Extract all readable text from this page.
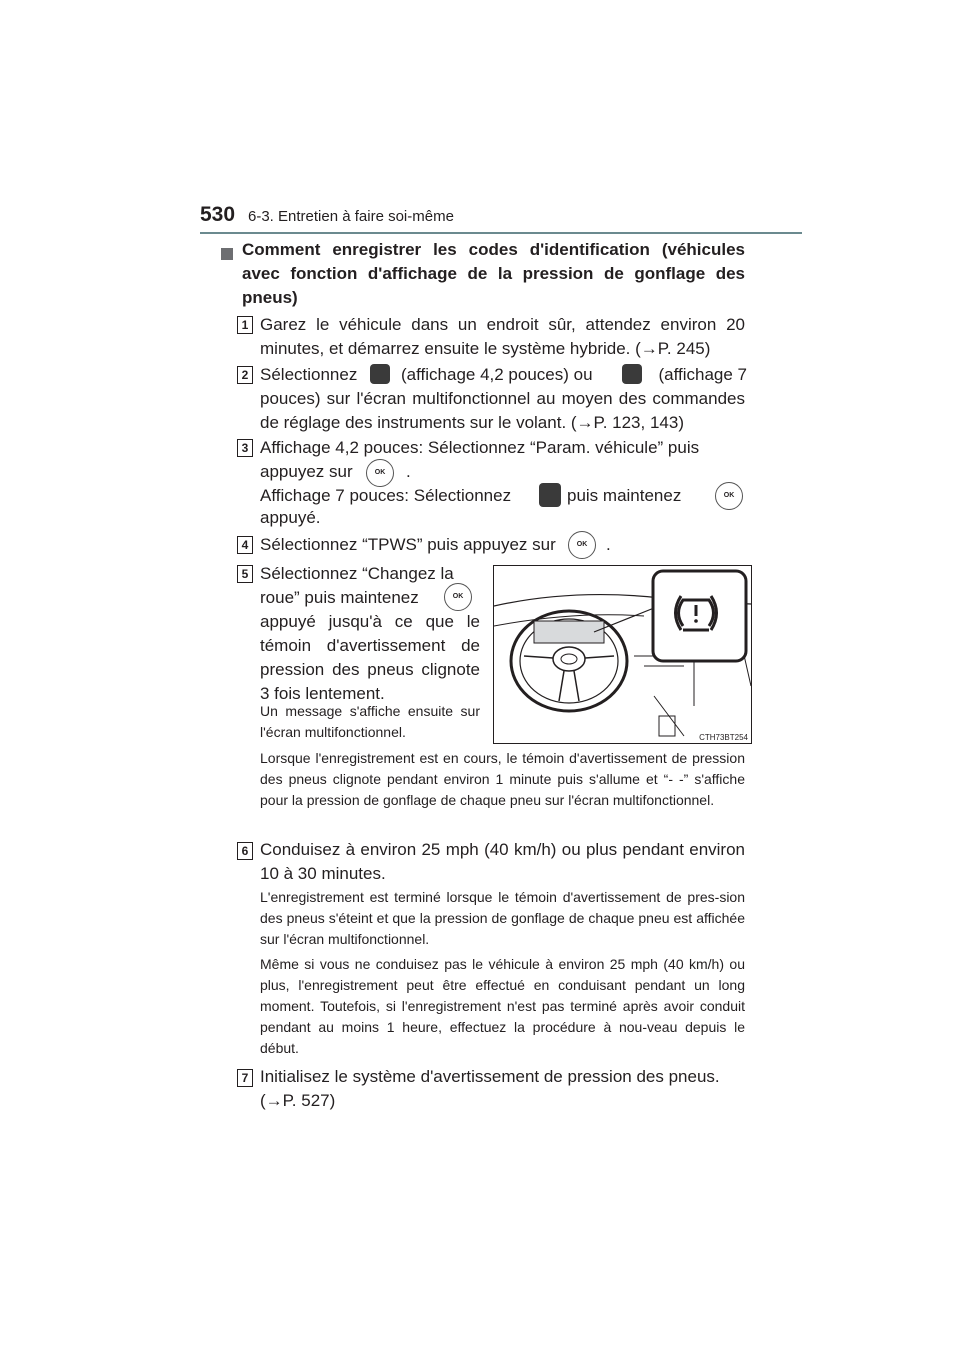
530 6-3. Entretien à faire soi-même
Comment enregistrer les codes d'identification (véhicules avec fonction d'affichage de la pression de gonflage des pneus)
1 Garez le véhicule dans un endroit sûr, attendez environ 20 minutes, et démarrez ensuite le système hybride. (→P. 245)
2 Sélectionnez	(affichage 4,2 pouces) ou	(affichage 7
pouces) sur l'écran multifonctionnel au moyen des commandes de réglage des instruments sur le volant. (→P. 123, 143)
3 Affichage 4,2 pouces: Sélectionnez “Param. véhicule” puis
appuyez sur	OK	.
Affichage 7 pouces: Sélectionnez	puis maintenez	OK
appuyé.
4 Sélectionnez “TPWS” puis appuyez sur	OK	.
5 Sélectionnez “Changez la
roue” puis maintenez	OK
appuyé jusqu'à ce que le témoin d'avertissement de pression des pneus clignote 3 fois lentement.
Un message s'affiche ensuite sur l'écran multifonctionnel.
Lorsque l'enregistrement est en cours, le témoin d'avertissement de pression des pneus clignote pendant environ 1 minute puis s'allume et “- -” s'affiche pour la pression de gonflage de chaque pneu sur l'écran multifonctionnel.
CTH73BT254
6 Conduisez à environ 25 mph (40 km/h) ou plus pendant environ 10 à 30 minutes.
L'enregistrement est terminé lorsque le témoin d'avertissement de pres-sion des pneus s'éteint et que la pression de gonflage de chaque pneu est affichée sur l'écran multifonctionnel.
Même si vous ne conduisez pas le véhicule à environ 25 mph (40 km/h) ou plus, l'enregistrement peut être effectué en conduisant pendant un long moment. Toutefois, si l'enregistrement n'est pas terminé après avoir conduit pendant au moins 1 heure, effectuez la procédure à nou-veau depuis le début.
7 Initialisez le système d'avertissement de pression des pneus.
(→P. 527)
